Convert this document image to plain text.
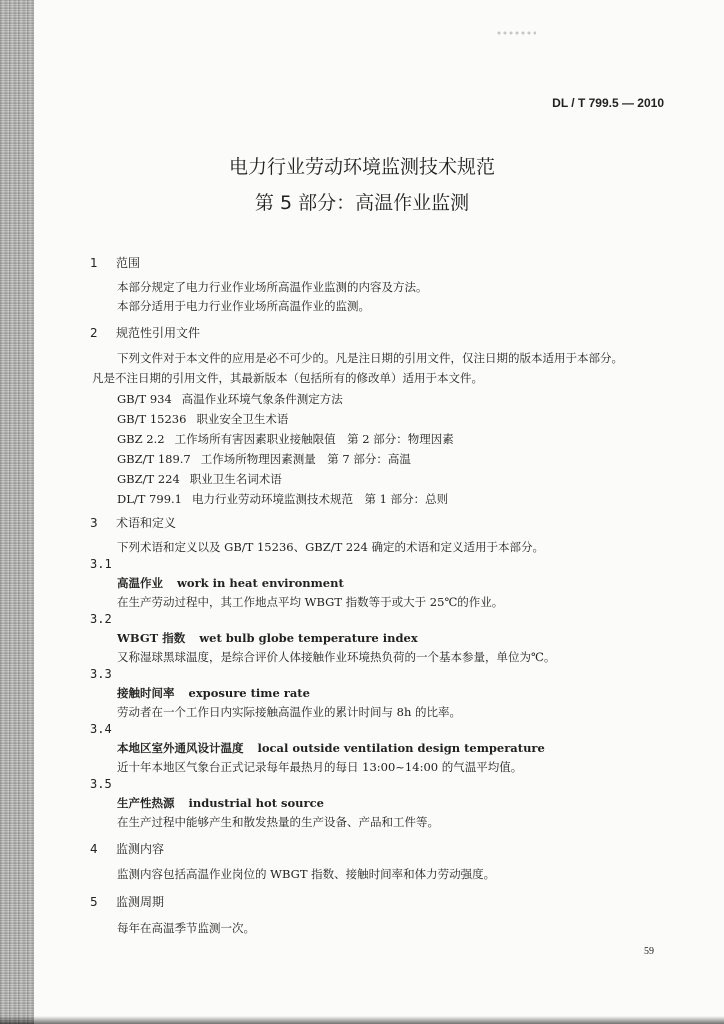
DL / T 799.5 — 2010
电力行业劳动环境监测技术规范
第 5 部分：高温作业监测
1 范围
本部分规定了电力行业作业场所高温作业监测的内容及方法。
本部分适用于电力行业作业场所高温作业的监测。
2 规范性引用文件
下列文件对于本文件的应用是必不可少的。凡是注日期的引用文件，仅注日期的版本适用于本部分。
凡是不注日期的引用文件，其最新版本（包括所有的修改单）适用于本文件。
GB/T 934 高温作业环境气象条件测定方法
GB/T 15236 职业安全卫生术语
GBZ 2.2 工作场所有害因素职业接触限值　第 2 部分：物理因素
GBZ/T 189.7 工作场所物理因素测量　第 7 部分：高温
GBZ/T 224 职业卫生名词术语
DL/T 799.1 电力行业劳动环境监测技术规范　第 1 部分：总则
3 术语和定义
下列术语和定义以及 GB/T 15236、GBZ/T 224 确定的术语和定义适用于本部分。
3.1
高温作业 work in heat environment
在生产劳动过程中，其工作地点平均 WBGT 指数等于或大于 25℃的作业。
3.2
WBGT 指数 wet bulb globe temperature index
又称湿球黑球温度，是综合评价人体接触作业环境热负荷的一个基本参量，单位为℃。
3.3
接触时间率 exposure time rate
劳动者在一个工作日内实际接触高温作业的累计时间与 8h 的比率。
3.4
本地区室外通风设计温度 local outside ventilation design temperature
近十年本地区气象台正式记录每年最热月的每日 13:00~14:00 的气温平均值。
3.5
生产性热源 industrial hot source
在生产过程中能够产生和散发热量的生产设备、产品和工件等。
4 监测内容
监测内容包括高温作业岗位的 WBGT 指数、接触时间率和体力劳动强度。
5 监测周期
每年在高温季节监测一次。
59
